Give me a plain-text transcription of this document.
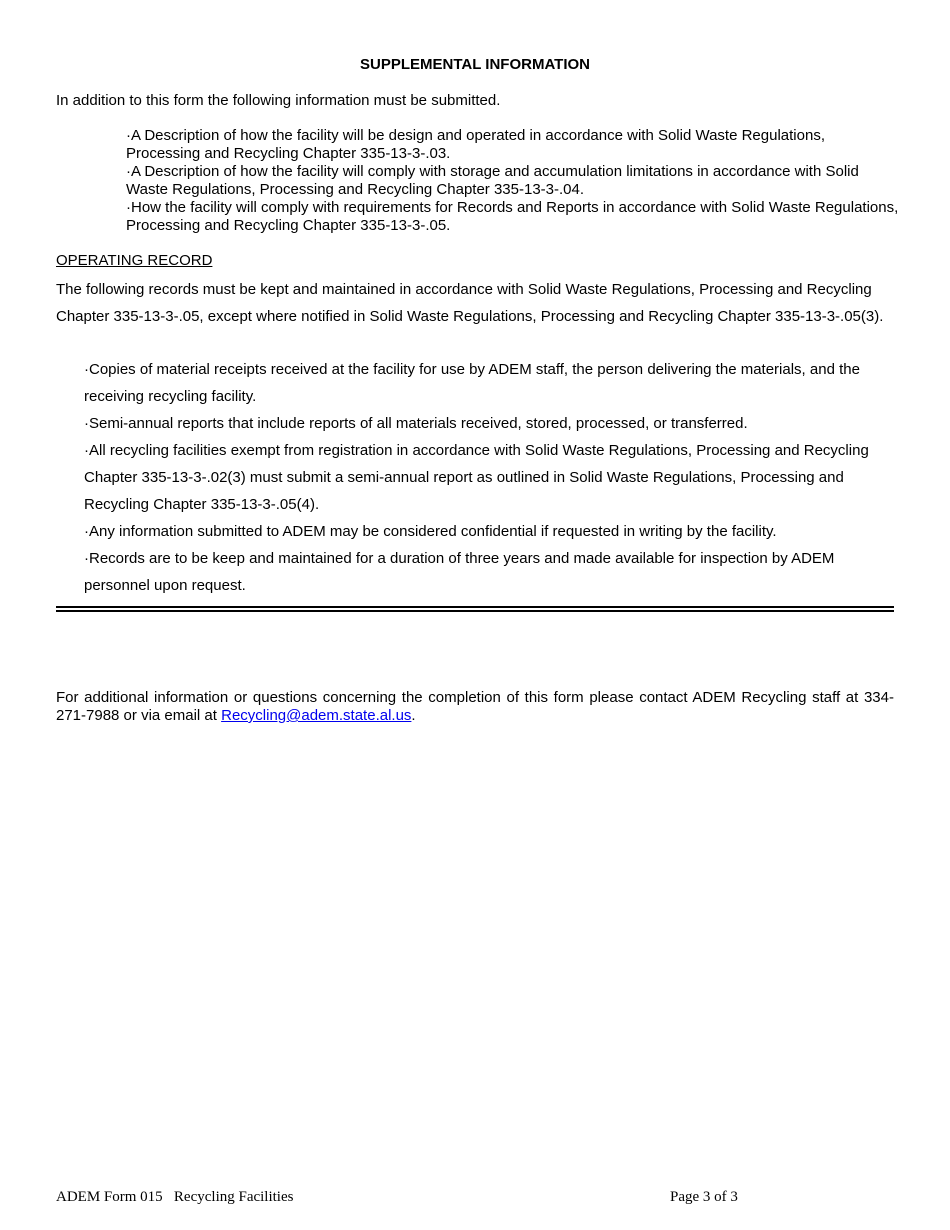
SUPPLEMENTAL INFORMATION
In addition to this form the following information must be submitted.
·A Description of how the facility will be design and operated in accordance with Solid Waste Regulations, Processing and Recycling Chapter 335-13-3-.03.
·A Description of how the facility will comply with storage and accumulation limitations in accordance with Solid Waste Regulations, Processing and Recycling Chapter 335-13-3-.04.
·How the facility will comply with requirements for Records and Reports in accordance with Solid Waste Regulations, Processing and Recycling Chapter 335-13-3-.05.
OPERATING RECORD
The following records must be kept and maintained in accordance with Solid Waste Regulations, Processing and Recycling Chapter 335-13-3-.05, except where notified in Solid Waste Regulations, Processing and Recycling Chapter 335-13-3-.05(3).
·Copies of material receipts received at the facility for use by ADEM staff, the person delivering the materials, and the receiving recycling facility.
·Semi-annual reports that include reports of all materials received, stored, processed, or transferred.
·All recycling facilities exempt from registration in accordance with Solid Waste Regulations, Processing and Recycling Chapter 335-13-3-.02(3) must submit a semi-annual report as outlined in Solid Waste Regulations, Processing and Recycling Chapter 335-13-3-.05(4).
·Any information submitted to ADEM may be considered confidential if requested in writing by the facility.
·Records are to be keep and maintained for a duration of three years and made available for inspection by ADEM personnel upon request.
For additional information or questions concerning the completion of this form please contact ADEM Recycling staff at 334-271-7988 or via email at Recycling@adem.state.al.us.
ADEM Form 015   Recycling Facilities	Page 3 of 3
